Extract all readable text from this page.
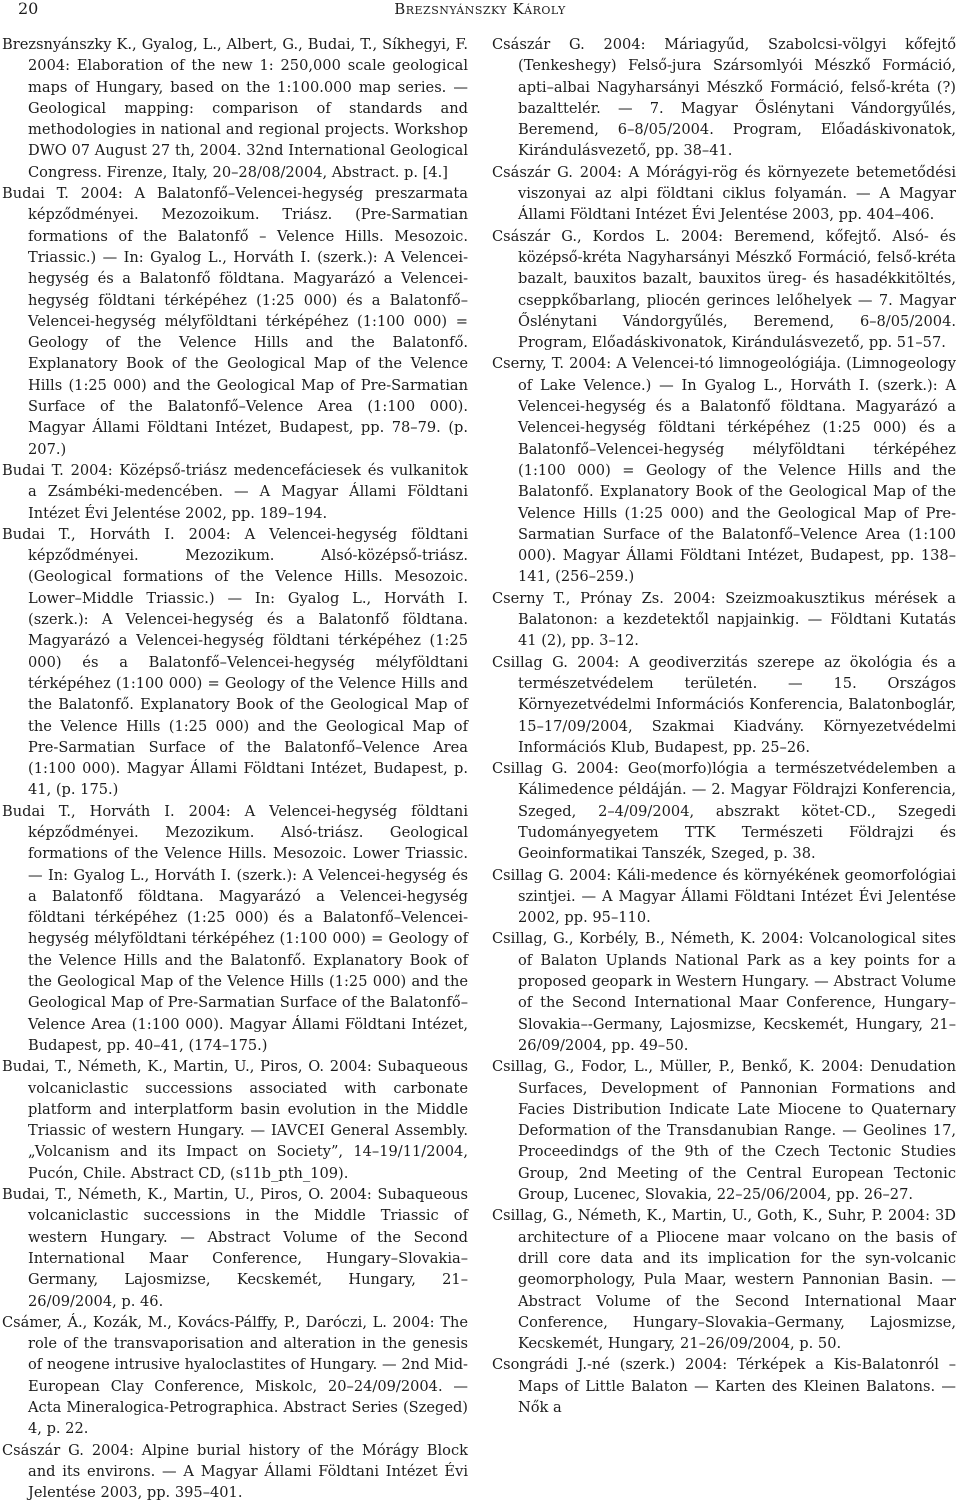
20	Brezsnyánszky Károly

Brezsnyánszky K., Gyalog, L., Albert, G., Budai, T., Síkhegyi, F. 2004: Elaboration of the new 1: 250,000 scale geological maps of Hungary, based on the 1:100.000 map series. — Geological mapping: comparison of standards and methodologies in national and regional projects. Workshop DWO 07 August 27 th, 2004. 32nd International Geological Congress. Firenze, Italy, 20–28/08/2004, Abstract. p. [4.]

Budai T. 2004: A Balatonfő–Velencei-hegység preszarmata képződményei. Mezozoikum. Triász. (Pre-Sarmatian formations of the Balatonfő – Velence Hills. Mesozoic. Triassic.) — In: Gyalog L., Horváth I. (szerk.): A Velencei-hegység és a Balatonfő földtana. Magyarázó a Velencei-hegység földtani térképéhez (1:25 000) és a Balatonfő–Velencei-hegység mélyföldtani térképéhez (1:100 000) = Geology of the Velence Hills and the Balatonfő. Explanatory Book of the Geological Map of the Velence Hills (1:25 000) and the Geological Map of Pre-Sarmatian Surface of the Balatonfő–Velence Area (1:100 000). Magyar Állami Földtani Intézet, Budapest, pp. 78–79. (p. 207.)

Budai T. 2004: Középső-triász medencefáciesek és vulkanitok a Zsámbéki-medencében. — A Magyar Állami Földtani Intézet Évi Jelentése 2002, pp. 189–194.

Budai T., Horváth I. 2004: A Velencei-hegység földtani képződményei. Mezozikum. Alsó-középső-triász. (Geological formations of the Velence Hills. Mesozoic. Lower–Middle Triassic.) — In: Gyalog L., Horváth I. (szerk.): A Velencei-hegység és a Balatonfő földtana. Magyarázó a Velencei-hegység földtani térképéhez (1:25 000) és a Balatonfő–Velencei-hegység mélyföldtani térképéhez (1:100 000) = Geology of the Velence Hills and the Balatonfő. Explanatory Book of the Geological Map of the Velence Hills (1:25 000) and the Geological Map of Pre-Sarmatian Surface of the Balatonfő–Velence Area (1:100 000). Magyar Állami Földtani Intézet, Budapest, p. 41, (p. 175.)

Budai T., Horváth I. 2004: A Velencei-hegység földtani képződményei. Mezozikum. Alsó-triász. Geological formations of the Velence Hills. Mesozoic. Lower Triassic. — In: Gyalog L., Horváth I. (szerk.): A Velencei-hegység és a Balatonfő földtana. Magyarázó a Velencei-hegység földtani térképéhez (1:25 000) és a Balatonfő–Velencei-hegység mélyföldtani térképéhez (1:100 000) = Geology of the Velence Hills and the Balatonfő. Explanatory Book of the Geological Map of the Velence Hills (1:25 000) and the Geological Map of Pre-Sarmatian Surface of the Balatonfő–Velence Area (1:100 000). Magyar Állami Földtani Intézet, Budapest, pp. 40–41, (174–175.)

Budai, T., Németh, K., Martin, U., Piros, O. 2004: Subaqueous volcaniclastic successions associated with carbonate platform and interplatform basin evolution in the Middle Triassic of western Hungary. — IAVCEI General Assembly. „Volcanism and its Impact on Society”, 14–19/11/2004, Pucón, Chile. Abstract CD, (s11b_pth_109).

Budai, T., Németh, K., Martin, U., Piros, O. 2004: Subaqueous volcaniclastic successions in the Middle Triassic of western Hungary. — Abstract Volume of the Second International Maar Conference, Hungary–Slovakia–Germany, Lajosmizse, Kecskemét, Hungary, 21–26/09/2004, p. 46.

Csámer, Á., Kozák, M., Kovács-Pálffy, P., Daróczi, L. 2004: The role of the transvaporisation and alteration in the genesis of neogene intrusive hyaloclastites of Hungary. — 2nd Mid-European Clay Conference, Miskolc, 20–24/09/2004. — Acta Mineralogica-Petrographica. Abstract Series (Szeged) 4, p. 22.

Császár G. 2004: Alpine burial history of the Mórágy Block and its environs. — A Magyar Állami Földtani Intézet Évi Jelentése 2003, pp. 395–401.

Császár G. 2004: Máriagyűd, Szabolcsi-völgyi kőfejtő (Tenkeshegy) Felső-jura Szársomlyói Mészkő Formáció, apti–albai Nagyharsányi Mészkő Formáció, felső-kréta (?) bazalttelér. — 7. Magyar Őslénytani Vándorgyűlés, Beremend, 6–8/05/2004. Program, Előadáskivonatok, Kirándulásvezető, pp. 38–41.

Császár G. 2004: A Mórágyi-rög és környezete betemetődési viszonyai az alpi földtani ciklus folyamán. — A Magyar Állami Földtani Intézet Évi Jelentése 2003, pp. 404–406.

Császár G., Kordos L. 2004: Beremend, kőfejtő. Alsó- és középső-kréta Nagyharsányi Mészkő Formáció, felső-kréta bazalt, bauxitos bazalt, bauxitos üreg- és hasadékkitöltés, cseppkőbarlang, pliocén gerinces lelőhelyek — 7. Magyar Őslénytani Vándorgyűlés, Beremend, 6–8/05/2004. Program, Előadáskivonatok, Kirándulásvezető, pp. 51–57.

Cserny, T. 2004: A Velencei-tó limnogeológiája. (Limnogeology of Lake Velence.) — In Gyalog L., Horváth I. (szerk.): A Velencei-hegység és a Balatonfő földtana. Magyarázó a Velencei-hegység földtani térképéhez (1:25 000) és a Balatonfő–Velencei-hegység mélyföldtani térképéhez (1:100 000) = Geology of the Velence Hills and the Balatonfő. Explanatory Book of the Geological Map of the Velence Hills (1:25 000) and the Geological Map of Pre-Sarmatian Surface of the Balatonfő–Velence Area (1:100 000). Magyar Állami Földtani Intézet, Budapest, pp. 138–141, (256–259.)

Cserny T., Prónay Zs. 2004: Szeizmoakusztikus mérések a Balatonon: a kezdetektől napjainkig. — Földtani Kutatás 41 (2), pp. 3–12.

Csillag G. 2004: A geodiverzitás szerepe az ökológia és a természetvédelem területén. — 15. Országos Környezetvédelmi Információs Konferencia, Balatonboglár, 15–17/09/2004, Szakmai Kiadvány. Környezetvédelmi Információs Klub, Budapest, pp. 25–26.

Csillag G. 2004: Geo(morfo)lógia a természetvédelemben a Kálimedence példáján. — 2. Magyar Földrajzi Konferencia, Szeged, 2–4/09/2004, abszrakt kötet-CD., Szegedi Tudományegyetem TTK Természeti Földrajzi és Geoinformatikai Tanszék, Szeged, p. 38.

Csillag G. 2004: Káli-medence és környékének geomorfológiai szintjei. — A Magyar Állami Földtani Intézet Évi Jelentése 2002, pp. 95–110.

Csillag, G., Korbély, B., Németh, K. 2004: Volcanological sites of Balaton Uplands National Park as a key points for a proposed geopark in Western Hungary. — Abstract Volume of the Second International Maar Conference, Hungary–Slovakia–-Germany, Lajosmizse, Kecskemét, Hungary, 21–26/09/2004, pp. 49–50.

Csillag, G., Fodor, L., Müller, P., Benkő, K. 2004: Denudation Surfaces, Development of Pannonian Formations and Facies Distribution Indicate Late Miocene to Quaternary Deformation of the Transdanubian Range. — Geolines 17, Proceedindgs of the 9th of the Czech Tectonic Studies Group, 2nd Meeting of the Central European Tectonic Group, Lucenec, Slovakia, 22–25/06/2004, pp. 26–27.

Csillag, G., Németh, K., Martin, U., Goth, K., Suhr, P. 2004: 3D architecture of a Pliocene maar volcano on the basis of drill core data and its implication for the syn-volcanic geomorphology, Pula Maar, western Pannonian Basin. — Abstract Volume of the Second International Maar Conference, Hungary–Slovakia–Germany, Lajosmizse, Kecskemét, Hungary, 21–26/09/2004, p. 50.

Csongrádi J.-né (szerk.) 2004: Térképek a Kis-Balatonról – Maps of Little Balaton — Karten des Kleinen Balatons. — Nők a
